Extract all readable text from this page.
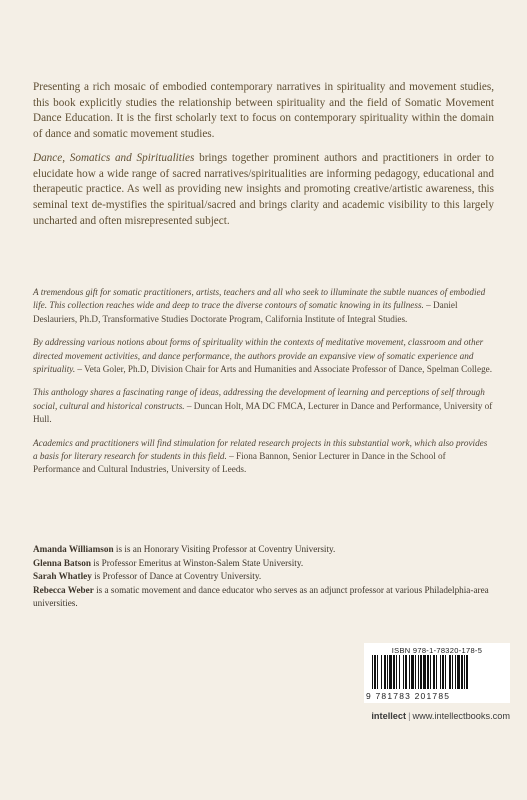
Presenting a rich mosaic of embodied contemporary narratives in spirituality and movement studies, this book explicitly studies the relationship between spirituality and the field of Somatic Movement Dance Education. It is the first scholarly text to focus on contemporary spirituality within the domain of dance and somatic movement studies.

Dance, Somatics and Spiritualities brings together prominent authors and practitioners in order to elucidate how a wide range of sacred narratives/spiritualities are informing pedagogy, educational and therapeutic practice. As well as providing new insights and promoting creative/artistic awareness, this seminal text de-mystifies the spiritual/sacred and brings clarity and academic visibility to this largely uncharted and often misrepresented subject.

A tremendous gift for somatic practitioners, artists, teachers and all who seek to illuminate the subtle nuances of embodied life. This collection reaches wide and deep to trace the diverse contours of somatic knowing in its fullness. – Daniel Deslauriers, Ph.D, Transformative Studies Doctorate Program, California Institute of Integral Studies.
By addressing various notions about forms of spirituality within the contexts of meditative movement, classroom and other directed movement activities, and dance performance, the authors provide an expansive view of somatic experience and spirituality. – Veta Goler, Ph.D, Division Chair for Arts and Humanities and Associate Professor of Dance, Spelman College.
This anthology shares a fascinating range of ideas, addressing the development of learning and perceptions of self through social, cultural and historical constructs. – Duncan Holt, MA DC FMCA, Lecturer in Dance and Performance, University of Hull.
Academics and practitioners will find stimulation for related research projects in this substantial work, which also provides a basis for literary research for students in this field. – Fiona Bannon, Senior Lecturer in Dance in the School of Performance and Cultural Industries, University of Leeds.
Amanda Williamson is is an Honorary Visiting Professor at Coventry University.
Glenna Batson is Professor Emeritus at Winston-Salem State University.
Sarah Whatley is Professor of Dance at Coventry University.
Rebecca Weber is a somatic movement and dance educator who serves as an adjunct professor at various Philadelphia-area universities.
ISBN 978-1-78320-178-5
9 781783 201785
intellect | www.intellectbooks.com
